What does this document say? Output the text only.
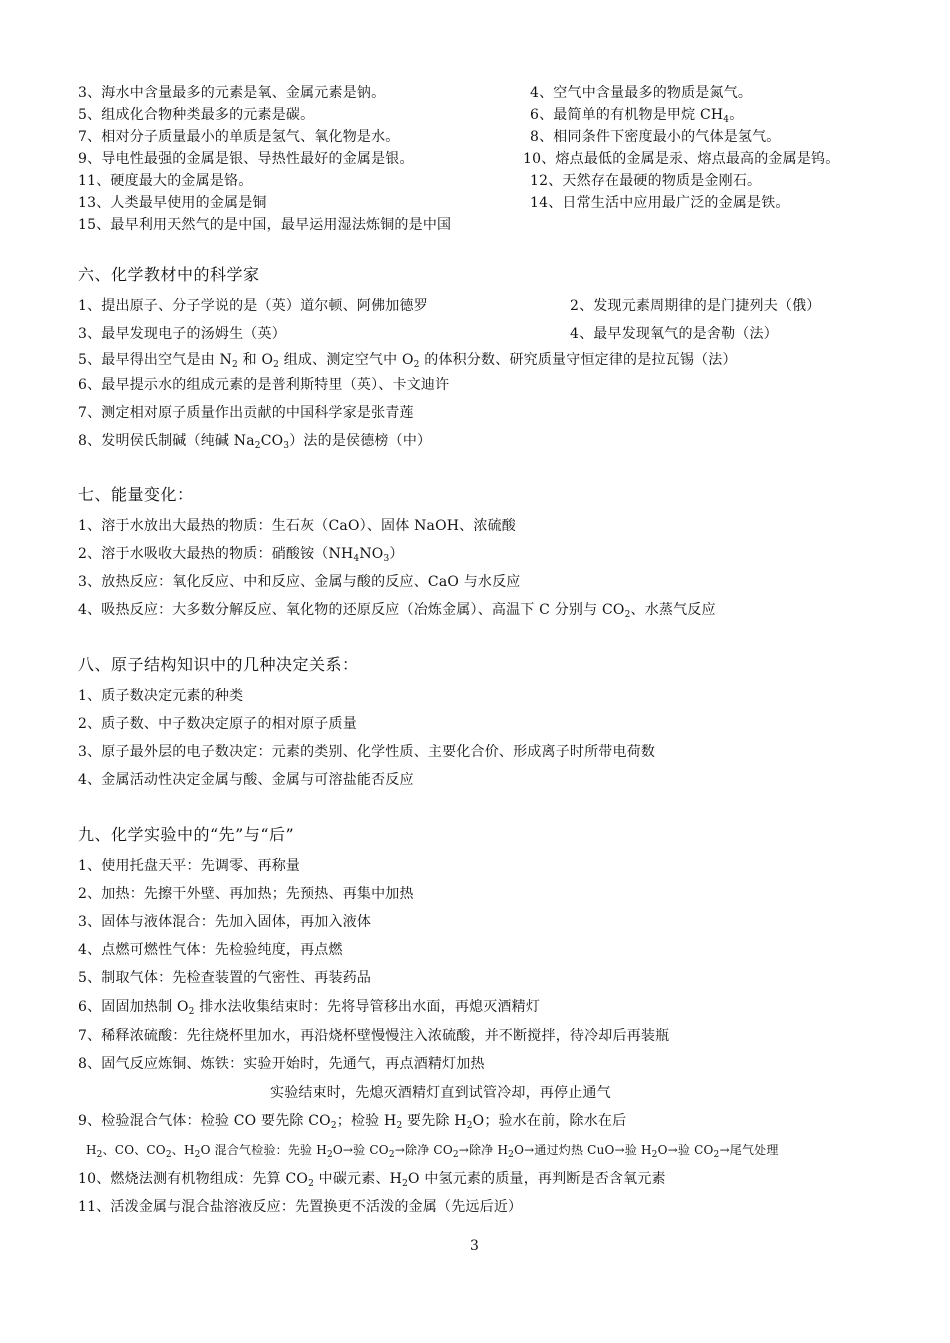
3、海水中含量最多的元素是氧、金属元素是钠。	4、空气中含量最多的物质是氮气。
5、组成化合物种类最多的元素是碳。	6、最简单的有机物是甲烷 $CH_4$。
7、相对分子质量最小的单质是氢气、氧化物是水。	8、相同条件下密度最小的气体是氢气。
9、导电性最强的金属是银、导热性最好的金属是银。	10、熔点最低的金属是汞、熔点最高的金属是钨。
11、硬度最大的金属是铬。	12、天然存在最硬的物质是金刚石。
13、人类最早使用的金属是铜	14、日常生活中应用最广泛的金属是铁。
15、最早利用天然气的是中国，最早运用湿法炼铜的是中国
六、化学教材中的科学家
1、提出原子、分子学说的是（英）道尔顿、阿佛加德罗	2、发现元素周期律的是门捷列夫（俄）
3、最早发现电子的汤姆生（英）	4、最早发现氧气的是舍勒（法）
5、最早得出空气是由 $N_2$ 和 $O_2$ 组成、测定空气中 $O_2$ 的体积分数、研究质量守恒定律的是拉瓦锡（法）
6、最早提示水的组成元素的是普利斯特里（英）、卡文迪许
7、测定相对原子质量作出贡献的中国科学家是张青莲
8、发明侯氏制碱（纯碱 $Na_2CO_3$）法的是侯德榜（中）
七、能量变化：
1、溶于水放出大最热的物质：生石灰（CaO）、固体 NaOH、浓硫酸
2、溶于水吸收大最热的物质：硝酸铵$(NH_4NO_3)$
3、放热反应：氧化反应、中和反应、金属与酸的反应、CaO 与水反应
4、吸热反应：大多数分解反应、氧化物的还原反应（冶炼金属）、高温下 C 分别与 $CO_2$、水蒸气反应
八、原子结构知识中的几种决定关系：
1、质子数决定元素的种类
2、质子数、中子数决定原子的相对原子质量
3、原子最外层的电子数决定：元素的类别、化学性质、主要化合价、形成离子时所带电荷数
4、金属活动性决定金属与酸、金属与可溶盐能否反应
九、化学实验中的“先”与“后”
1、使用托盘天平：先调零、再称量
2、加热：先擦干外壁、再加热；先预热、再集中加热
3、固体与液体混合：先加入固体，再加入液体
4、点燃可燃性气体：先检验纯度，再点燃
5、制取气体：先检查装置的气密性、再装药品
6、固固加热制 $O_2$ 排水法收集结束时：先将导管移出水面，再熄灭酒精灯
7、稀释浓硫酸：先往烧杯里加水，再沿烧杯壁慢慢注入浓硫酸，并不断搅拌，待冷却后再装瓶
8、固气反应炼铜、炼铁：实验开始时，先通气，再点酒精灯加热
实验结束时，先熄灭酒精灯直到试管冷却，再停止通气
9、检验混合气体：检验 CO 要先除 $CO_2$；检验 $H_2$ 要先除 $H_2O$；验水在前，除水在后
$H_2$、CO、$CO_2$、$H_2O$ 混合气检验：先验 $H_2O\to$验 $CO_2\to$除净 $CO_2\to$除净 $H_2O\to$通过灼热 CuO→验 $H_2O\to$验 $CO_2\to$尾气处理
10、燃烧法测有机物组成：先算 $CO_2$ 中碳元素、$H_2O$ 中氢元素的质量，再判断是否含氧元素
11、活泼金属与混合盐溶液反应：先置换更不活泼的金属（先远后近）
3
